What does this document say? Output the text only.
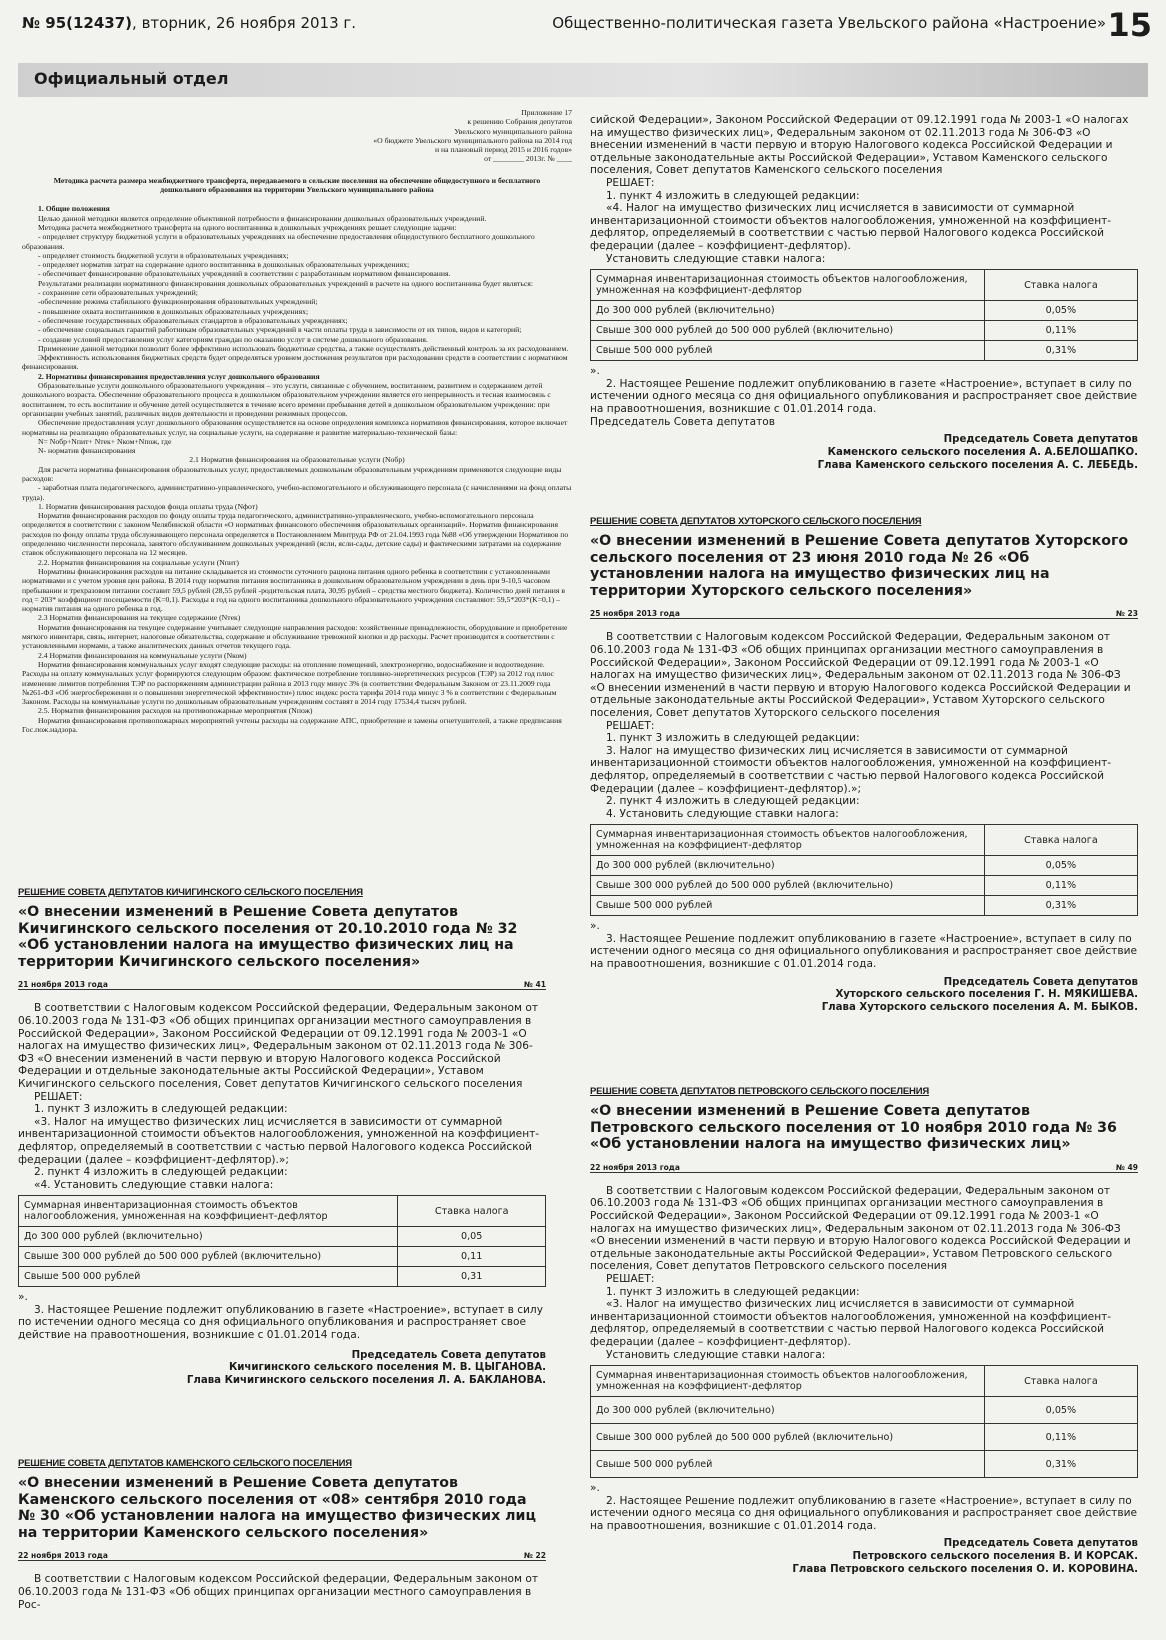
№ 95(12437), вторник, 26 ноября 2013 г.	Общественно-политическая газета Увельского района «Настроение» 15
Официальный отдел

Приложение 17

к решению Собрания депутатов

Увельского муниципального района

«О бюджете Увельского муниципального района на 2014 год

и на плановый период 2015 и 2016 годов»

от ________ 2013г. № ____

Методика расчета размера межбюджетного трансферта, передаваемого в сельские поселения на обеспечение общедоступного и бесплатного дошкольного образования на территории Увельского муниципального района

1. Общие положения

Целью данной методики является определение объективной потребности в финансировании дошкольных образовательных учреждений.

Методика расчета межбюджетного трансферта на одного воспитанника в дошкольных учреждениях решает следующие задачи:

- определяет структуру бюджетной услуги в образовательных учреждениях на обеспечение предоставления общедоступного бесплатного дошкольного образования.

- определяет стоимость бюджетной услуги в образовательных учреждениях;

- определяет норматив затрат на содержание одного воспитанника в дошкольных образовательных учреждениях;

- обеспечивает финансирование образовательных учреждений в соответствии с разработанным нормативом финансирования.

Результатами реализации нормативного финансирования дошкольных образовательных учреждений в расчете на одного воспитанника будет являться:

- сохранение сети образовательных учреждений;

-обеспечение режима стабильного функционирования образовательных учреждений;

- повышение охвата воспитанников в дошкольных образовательных учреждениях;

- обеспечение государственных образовательных стандартов в образовательных учреждениях;

- обеспечение социальных гарантий работникам образовательных учреждений в части оплаты труда в зависимости от их типов, видов и категорий;

- создание условий предоставления услуг категориям граждан по оказанию услуг в системе дошкольного образования.

Применение данной методики позволит более эффективно использовать бюджетные средства, а также осуществлять действенный контроль за их расходованием.

Эффективность использования бюджетных средств будет определяться уровнем достижения результатов при расходовании средств в соответствии с нормативом финансирования.

2. Нормативы финансирования предоставления услуг дошкольного образования

Образовательные услуги дошкольного образовательного учреждения – это услуги, связанные с обучением, воспитанием, развитием и содержанием детей дошкольного возраста. Обеспечение образовательного процесса в дошкольном образовательном учреждении является его непрерывность и тесная взаимосвязь с воспитанием, то есть воспитание и обучение детей осуществляется в течение всего времени пребывания детей в дошкольном образовательном учреждении: при организации учебных занятий, различных видов деятельности и проведении режимных процессов.

Обеспечение предоставления услуг дошкольного образования осуществляется на основе определения комплекса нормативов финансирования, которое включает нормативы на реализацию образовательных услуг, на социальные услуги, на содержание и развитие материально-технической базы:

N= Nобр+Nпит+ Nтек+ Nком+Nпож, где

N- норматив финансирования

2.1 Норматив финансирования на образовательные услуги (Nобр)

Для расчета норматива финансирования образовательных услуг, предоставляемых дошкольным образовательным учреждениям применяются следующие виды расходов:

- заработная плата педагогического, административно-управленческого, учебно-вспомогательного и обслуживающего персонала (с начислениями на фонд оплаты труда).

1. Норматив финансирования расходов фонда оплаты труда (Nфот)

Норматив финансирования расходов по фонду оплаты труда педагогического, административно-управленческого, учебно-вспомогательного персонала определяется в соответствии с законом Челябинской области «О нормативах финансового обеспечения образовательных организаций». Норматив финансирования расходов по фонду оплаты труда обслуживающего персонала определяется в Постановлением Минтруда РФ от 21.04.1993 года №88 «Об утверждении Нормативов по определению численности персонала, занятого обслуживанием дошкольных учреждений (ясли, ясли-сады, детские сады) и фактическими затратами на содержание ставок обслуживающего персонала на 12 месяцев.

2.2. Норматив финансирования на социальные услуги (Nпит)

Нормативы финансирования расходов на питание складывается из стоимости суточного рациона питания одного ребенка в соответствии с установленными нормативами и с учетом уровня цен района. В 2014 году норматив питания воспитанника в дошкольном образовательном учреждении в день при 9-10,5 часовом пребывании и трехразовом питании составит 59,5 рублей (28,55 рублей -родительская плата, 30,95 рублей – средства местного бюджета). Количество дней питания в год = 203* коэффициент посещаемости (K=0,1). Расходы в год на одного воспитанника дошкольного образовательного учреждения составляют: 59,5*203*(K=0,1) – норматив питания на одного ребенка в год.

2.3 Норматив финансирования на текущее содержание (Nтек)

Норматив финансирования на текущее содержание учитывает следующие направления расходов: хозяйственные принадлежности, оборудование и приобретение мягкого инвентаря, связь, интернет, налоговые обязательства, содержание и обслуживание тревожной кнопки и др расходы. Расчет производится в соответствии с установленными нормами, а также аналитических данных отчетов текущего года.

2.4 Норматив финансирования на коммунальные услуги (Nком)

Норматив финансирования коммунальных услуг входят следующие расходы: на отопление помещений, электроэнергию, водоснабжение и водоотведение. Расходы на оплату коммунальных услуг формируются следующим образом: фактическое потребление топливно-энергетических ресурсов (ТЭР) за 2012 год плюс изменение лимитов потребления ТЭР по распоряжениям администрации района в 2013 году минус 3% (в соответствии Федеральным Законом от 23.11.2009 года №261-ФЗ «Об энергосбережении и о повышении энергетической эффективности») плюс индекс роста тарифа 2014 года минус 3 % в соответствии с Федеральным Законом. Расходы на коммунальные услуги по дошкольным образовательным учреждениям составят в 2014 году 17534,4 тысяч рублей.

2.5. Норматив финансирования расходов на противопожарные мероприятия (Nпож)

Норматив финансирования противопожарных мероприятий учтены расходы на содержание АПС, приобретение и замены огнетушителей, а также предписания Гос.пож.надзора.

РЕШЕНИЕ СОВЕТА ДЕПУТАТОВ КИЧИГИНСКОГО СЕЛЬСКОГО ПОСЕЛЕНИЯ
«О внесении изменений в Решение Совета депутатов Кичигинского сельского поселения от 20.10.2010 года № 32 «Об установлении налога на имущество физических лиц на территории Кичигинского сельского поселения»
21 ноября 2013 года	№ 41

В соответствии с Налоговым кодексом Российской федерации, Федеральным законом от 06.10.2003 года № 131-ФЗ «Об общих принципах организации местного самоуправления в Российской Федерации», Законом Российской Федерации от 09.12.1991 года № 2003-1 «О налогах на имущество физических лиц», Федеральным законом от 02.11.2013 года № 306-ФЗ «О внесении изменений в части первую и вторую Налогового кодекса Российской Федерации и отдельные законодательные акты Российской Федерации», Уставом Кичигинского сельского поселения, Совет депутатов Кичигинского сельского поселения

РЕШАЕТ:

1. пункт 3 изложить в следующей редакции:

«3. Налог на имущество физических лиц исчисляется в зависимости от суммарной инвентаризационной стоимости объектов налогообложения, умноженной на коэффициент-дефлятор, определяемый в соответствии с частью первой Налогового кодекса Российской федерации (далее – коэффициент-дефлятор).»;

2. пункт 4 изложить в следующей редакции:

«4. Установить следующие ставки налога:

Суммарная инвентаризационная стоимость объектов налогообложения, умноженная на коэффициент-дефлятор	Ставка налога
До 300 000 рублей (включительно)	0,05
Свыше 300 000 рублей до 500 000 рублей (включительно)	0,11
Свыше 500 000 рублей	0,31

».

3. Настоящее Решение подлежит опубликованию в газете «Настроение», вступает в силу по истечении одного месяца со дня официального опубликования и распространяет свое действие на правоотношения, возникшие с 01.01.2014 года.

Председатель Совета депутатов
Кичигинского сельского поселения М. В. ЦЫГАНОВА.
Глава Кичигинского сельского поселения Л. А. БАКЛАНОВА.
РЕШЕНИЕ СОВЕТА ДЕПУТАТОВ КАМЕНСКОГО СЕЛЬСКОГО ПОСЕЛЕНИЯ
«О внесении изменений в Решение Совета депутатов Каменского сельского поселения от «08» сентября 2010 года № 30 «Об установлении налога на имущество физических лиц на территории Каменского сельского поселения»
22 ноября 2013 года	№ 22

В соответствии с Налоговым кодексом Российской федерации, Федеральным законом от 06.10.2003 года № 131-ФЗ «Об общих принципах организации местного самоуправления в Рос-

сийской Федерации», Законом Российской Федерации от 09.12.1991 года № 2003-1 «О налогах на имущество физических лиц», Федеральным законом от 02.11.2013 года № 306-ФЗ «О внесении изменений в части первую и вторую Налогового кодекса Российской Федерации и отдельные законодательные акты Российской Федерации», Уставом Каменского сельского поселения, Совет депутатов Каменского сельского поселения

РЕШАЕТ:

1. пункт 4 изложить в следующей редакции:

«4. Налог на имущество физических лиц исчисляется в зависимости от суммарной инвентаризационной стоимости объектов налогообложения, умноженной на коэффициент-дефлятор, определяемый в соответствии с частью первой Налогового кодекса Российской федерации (далее – коэффициент-дефлятор).

Установить следующие ставки налога:

Суммарная инвентаризационная стоимость объектов налогообложения, умноженная на коэффициент-дефлятор	Ставка налога
До 300 000 рублей (включительно)	0,05%
Свыше 300 000 рублей до 500 000 рублей (включительно)	0,11%
Свыше 500 000 рублей	0,31%

».

2. Настоящее Решение подлежит опубликованию в газете «Настроение», вступает в силу по истечении одного месяца со дня официального опубликования и распространяет свое действие на правоотношения, возникшие с 01.01.2014 года.

Председатель Совета депутатов

Председатель Совета депутатов
Каменского сельского поселения А. А.БЕЛОШАПКО.
Глава Каменского сельского поселения А. С. ЛЕБЕДЬ.
РЕШЕНИЕ СОВЕТА ДЕПУТАТОВ ХУТОРСКОГО СЕЛЬСКОГО ПОСЕЛЕНИЯ
«О внесении изменений в Решение Совета депутатов Хуторского сельского поселения от 23 июня 2010 года № 26 «Об установлении налога на имущество физических лиц на территории Хуторского сельского поселения»
25 ноября 2013 года	№ 23

В соответствии с Налоговым кодексом Российской Федерации, Федеральным законом от 06.10.2003 года № 131-ФЗ «Об общих принципах организации местного самоуправления в Российской Федерации», Законом Российской Федерации от 09.12.1991 года № 2003-1 «О налогах на имущество физических лиц», Федеральным законом от 02.11.2013 года № 306-ФЗ «О внесении изменений в части первую и вторую Налогового кодекса Российской Федерации и отдельные законодательные акты Российской Федерации», Уставом Хуторского сельского поселения, Совет депутатов Хуторского сельского поселения

РЕШАЕТ:

1. пункт 3 изложить в следующей редакции:

3. Налог на имущество физических лиц исчисляется в зависимости от суммарной инвентаризационной стоимости объектов налогообложения, умноженной на коэффициент-дефлятор, определяемый в соответствии с частью первой Налогового кодекса Российской Федерации (далее – коэффициент-дефлятор).»;

2. пункт 4 изложить в следующей редакции:

4. Установить следующие ставки налога:

Суммарная инвентаризационная стоимость объектов налогообложения, умноженная на коэффициент-дефлятор	Ставка налога
До 300 000 рублей (включительно)	0,05%
Свыше 300 000 рублей до 500 000 рублей (включительно)	0,11%
Свыше 500 000 рублей	0,31%

».

3. Настоящее Решение подлежит опубликованию в газете «Настроение», вступает в силу по истечении одного месяца со дня официального опубликования и распространяет свое действие на правоотношения, возникшие с 01.01.2014 года.

Председатель Совета депутатов
Хуторского сельского поселения Г. Н. МЯКИШЕВА.
Глава Хуторского сельского поселения А. М. БЫКОВ.
РЕШЕНИЕ СОВЕТА ДЕПУТАТОВ ПЕТРОВСКОГО СЕЛЬСКОГО ПОСЕЛЕНИЯ
«О внесении изменений в Решение Совета депутатов Петровского сельского поселения от 10 ноября 2010 года № 36 «Об установлении налога на имущество физических лиц»
22 ноября 2013 года	№ 49

В соответствии с Налоговым кодексом Российской федерации, Федеральным законом от 06.10.2003 года № 131-ФЗ «Об общих принципах организации местного самоуправления в Российской Федерации», Законом Российской Федерации от 09.12.1991 года № 2003-1 «О налогах на имущество физических лиц», Федеральным законом от 02.11.2013 года № 306-ФЗ «О внесении изменений в части первую и вторую Налогового кодекса Российской Федерации и отдельные законодательные акты Российской Федерации», Уставом Петровского сельского поселения, Совет депутатов Петровского сельского поселения

РЕШАЕТ:

1. пункт 3 изложить в следующей редакции:

«3. Налог на имущество физических лиц исчисляется в зависимости от суммарной инвентаризационной стоимости объектов налогообложения, умноженной на коэффициент-дефлятор, определяемый в соответствии с частью первой Налогового кодекса Российской федерации (далее – коэффициент-дефлятор).

Установить следующие ставки налога:

Суммарная инвентаризационная стоимость объектов налогообложения, умноженная на коэффициент-дефлятор	Ставка налога
До 300 000 рублей (включительно)	0,05%
Свыше 300 000 рублей до 500 000 рублей (включительно)	0,11%
Свыше 500 000 рублей	0,31%

».

2. Настоящее Решение подлежит опубликованию в газете «Настроение», вступает в силу по истечении одного месяца со дня официального опубликования и распространяет свое действие на правоотношения, возникшие с 01.01.2014 года.

Председатель Совета депутатов
Петровского сельского поселения В. И КОРСАК.
Глава Петровского сельского поселения О. И. КОРОВИНА.
